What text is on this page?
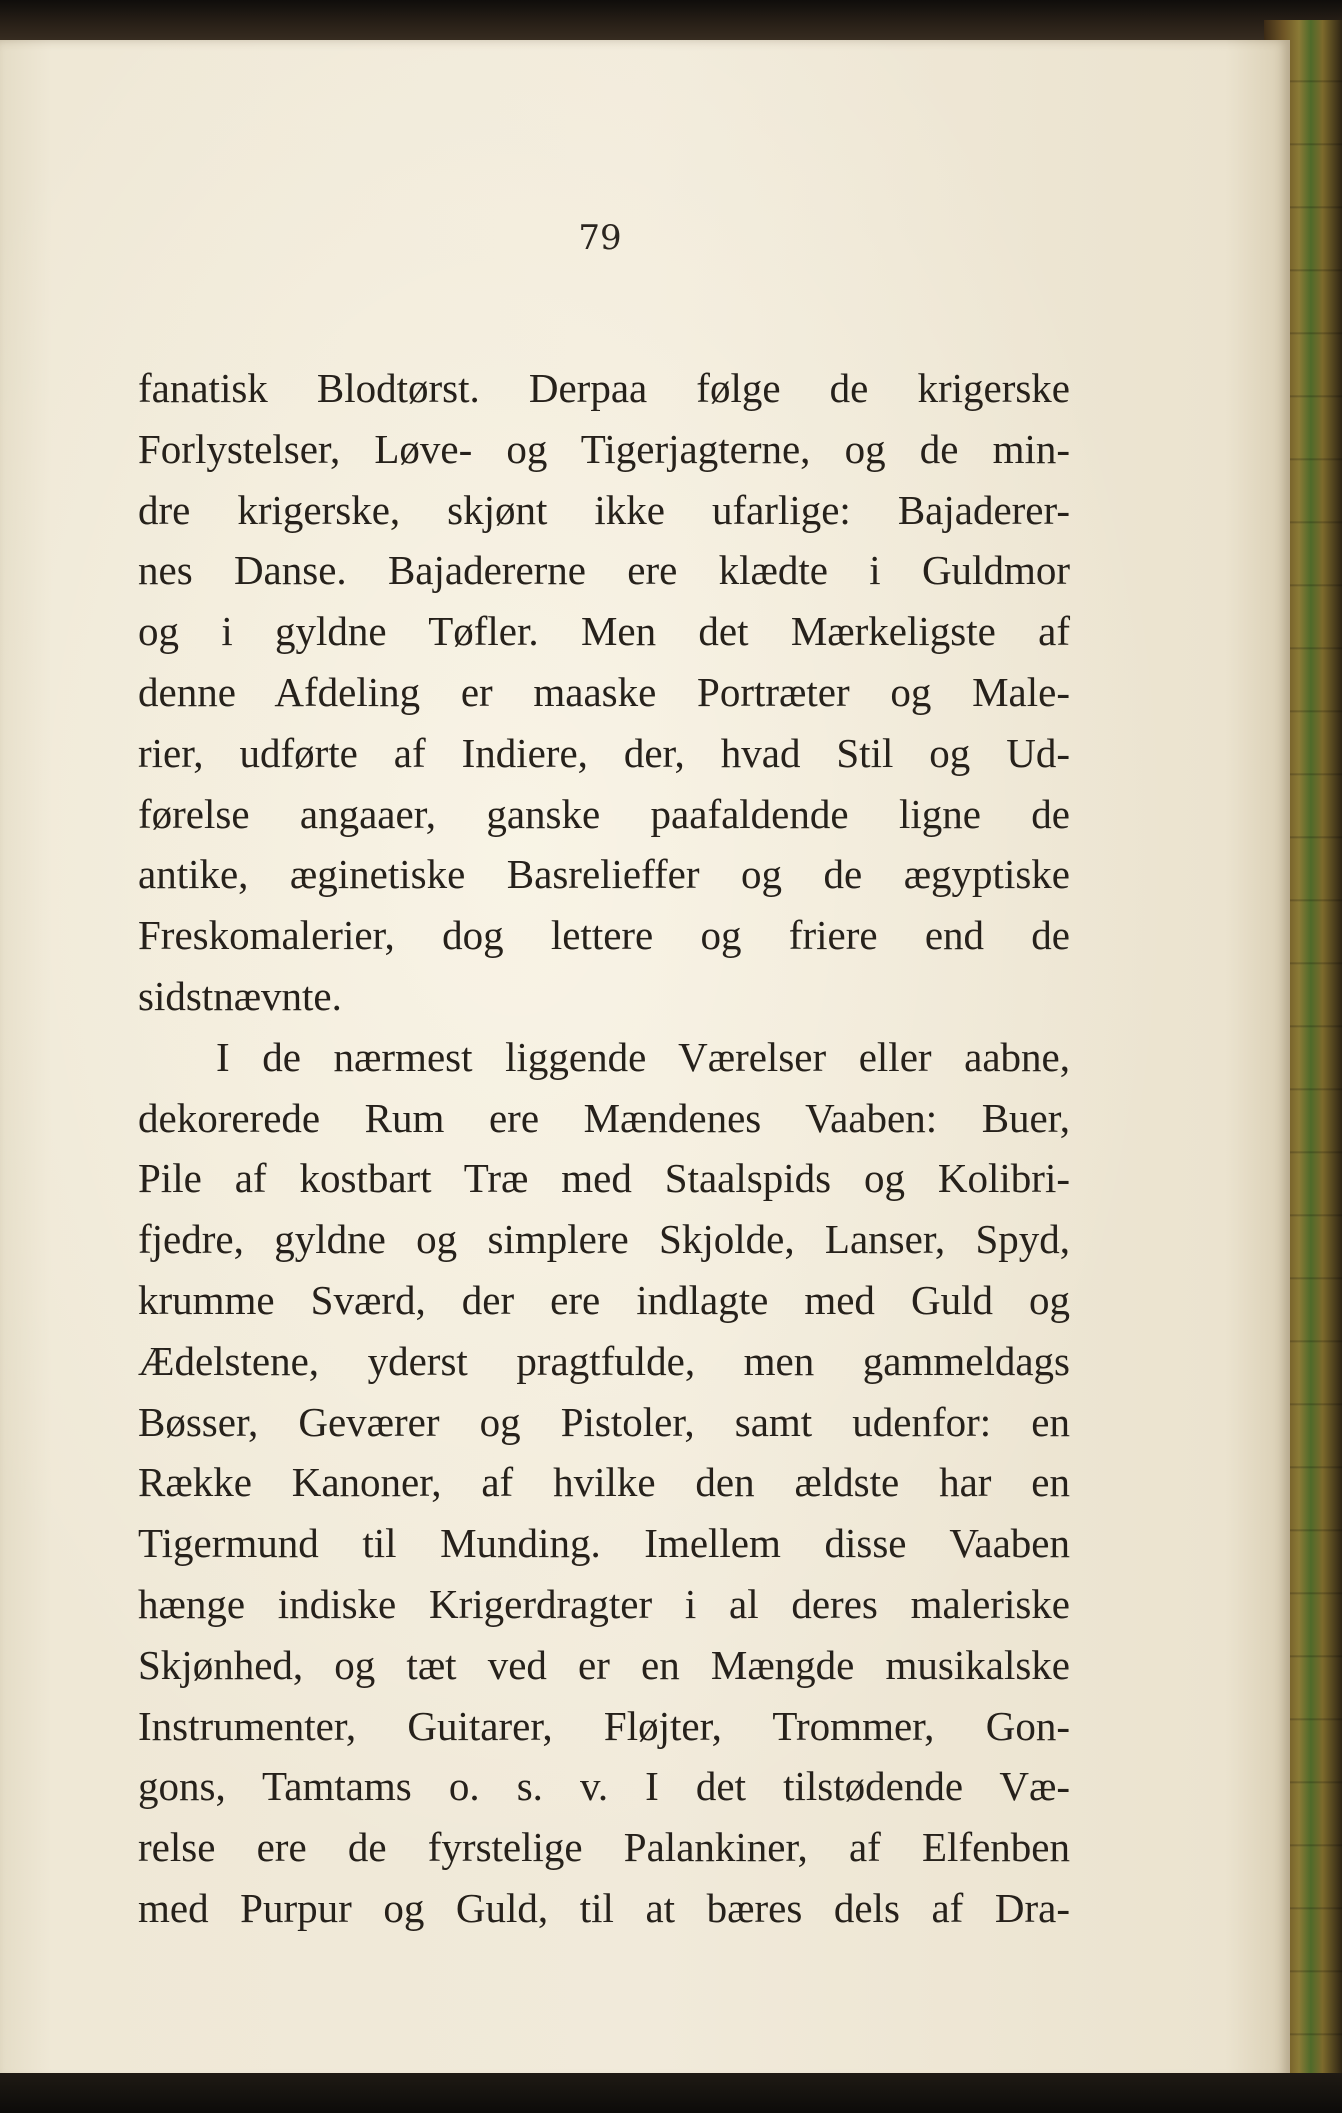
79
fanatisk Blodtørst. Derpaa følge de krigerske
Forlystelser, Løve- og Tigerjagterne, og de min-
dre krigerske, skjønt ikke ufarlige: Bajaderer-
nes Danse. Bajadererne ere klædte i Guldmor
og i gyldne Tøfler. Men det Mærkeligste af
denne Afdeling er maaske Portræter og Male-
rier, udførte af Indiere, der, hvad Stil og Ud-
førelse angaaer, ganske paafaldende ligne de
antike, æginetiske Basrelieffer og de ægyptiske
Freskomalerier, dog lettere og friere end de
sidstnævnte.
I de nærmest liggende Værelser eller aabne,
dekorerede Rum ere Mændenes Vaaben: Buer,
Pile af kostbart Træ med Staalspids og Kolibri-
fjedre, gyldne og simplere Skjolde, Lanser, Spyd,
krumme Sværd, der ere indlagte med Guld og
Ædelstene, yderst pragtfulde, men gammeldags
Bøsser, Geværer og Pistoler, samt udenfor: en
Række Kanoner, af hvilke den ældste har en
Tigermund til Munding. Imellem disse Vaaben
hænge indiske Krigerdragter i al deres maleriske
Skjønhed, og tæt ved er en Mængde musikalske
Instrumenter, Guitarer, Fløjter, Trommer, Gon-
gons, Tamtams o. s. v. I det tilstødende Væ-
relse ere de fyrstelige Palankiner, af Elfenben
med Purpur og Guld, til at bæres dels af Dra-
